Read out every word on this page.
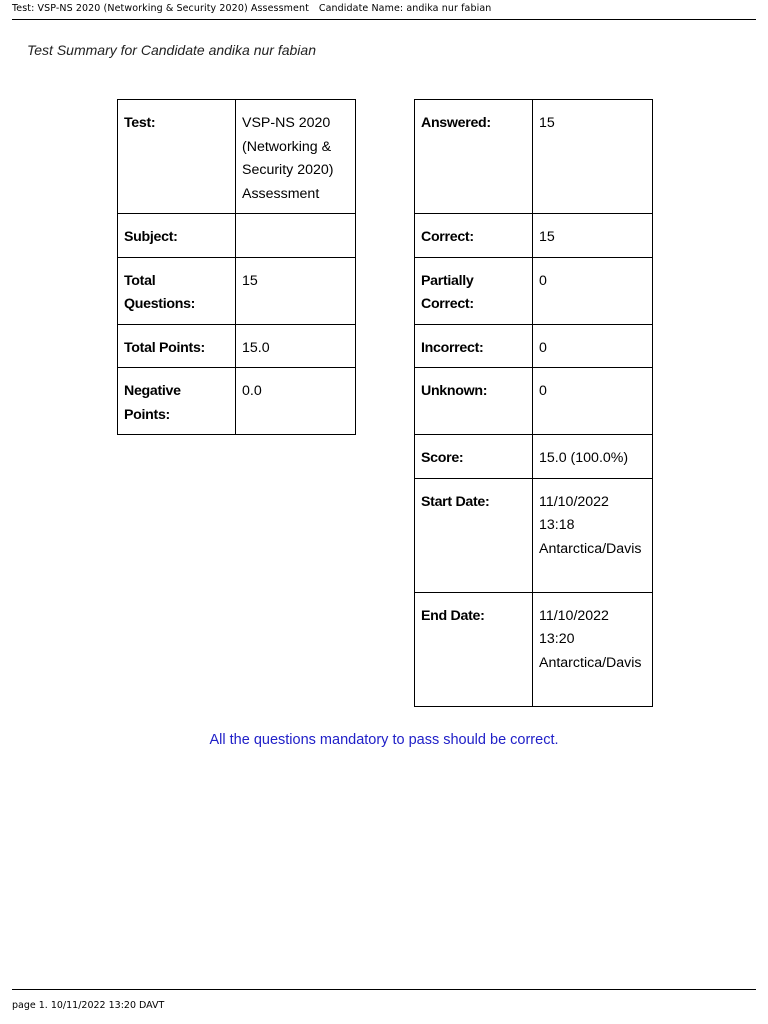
Test: VSP-NS 2020 (Networking & Security 2020) Assessment Candidate Name: andika nur fabian
Test Summary for Candidate andika nur fabian
Test:	VSP-NS 2020 (Networking & Security 2020) Assessment
Subject:	
Total Questions:	15
Total Points:	15.0
Negative Points:	0.0
Answered:	15
Correct:	15
Partially Correct:	0
Incorrect:	0
Unknown:	0
Score:	15.0 (100.0%)
Start Date:	11/10/2022 13:18 Antarctica/Davis
End Date:	11/10/2022 13:20 Antarctica/Davis
All the questions mandatory to pass should be correct.
page 1. 10/11/2022 13:20 DAVT
